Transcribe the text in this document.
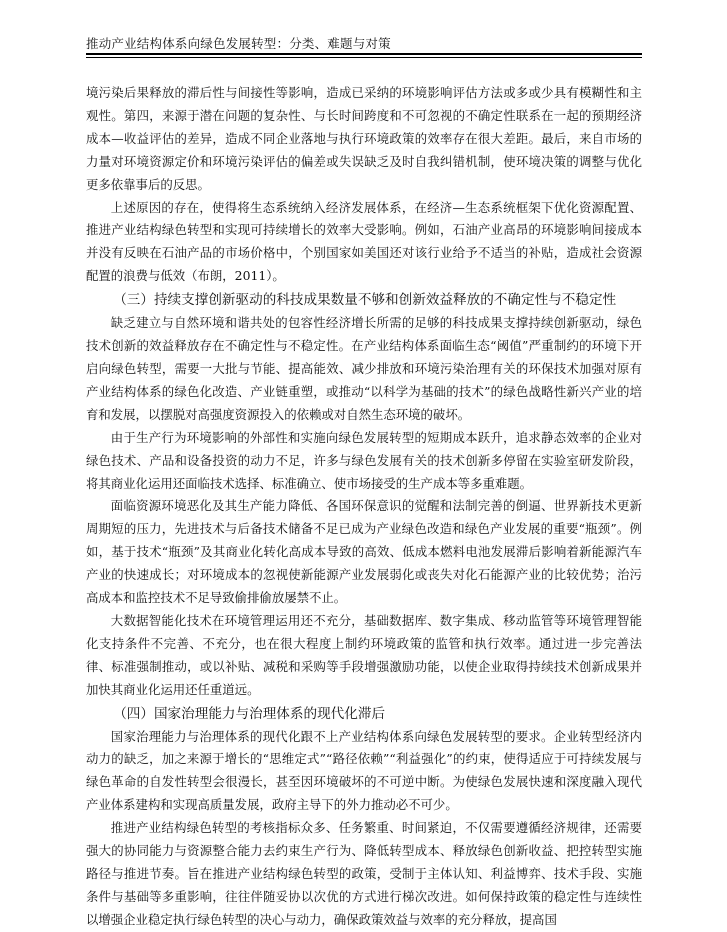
推动产业结构体系向绿色发展转型：分类、难题与对策

境污染后果释放的滞后性与间接性等影响，造成已采纳的环境影响评估方法或多或少具有模糊性和主观性。第四，来源于潜在问题的复杂性、与长时间跨度和不可忽视的不确定性联系在一起的预期经济成本—收益评估的差异，造成不同企业落地与执行环境政策的效率存在很大差距。最后，来自市场的力量对环境资源定价和环境污染评估的偏差或失误缺乏及时自我纠错机制，使环境决策的调整与优化更多依靠事后的反思。

上述原因的存在，使得将生态系统纳入经济发展体系，在经济—生态系统框架下优化资源配置、推进产业结构绿色转型和实现可持续增长的效率大受影响。例如，石油产业高昂的环境影响间接成本并没有反映在石油产品的市场价格中，个别国家如美国还对该行业给予不适当的补贴，造成社会资源配置的浪费与低效（布朗，2011）。

（三）持续支撑创新驱动的科技成果数量不够和创新效益释放的不确定性与不稳定性

缺乏建立与自然环境和谐共处的包容性经济增长所需的足够的科技成果支撑持续创新驱动，绿色技术创新的效益释放存在不确定性与不稳定性。在产业结构体系面临生态“阈值”严重制约的环境下开启向绿色转型，需要一大批与节能、提高能效、减少排放和环境污染治理有关的环保技术加强对原有产业结构体系的绿色化改造、产业链重塑，或推动“以科学为基础的技术”的绿色战略性新兴产业的培育和发展，以摆脱对高强度资源投入的依赖或对自然生态环境的破坏。

由于生产行为环境影响的外部性和实施向绿色发展转型的短期成本跃升，追求静态效率的企业对绿色技术、产品和设备投资的动力不足，许多与绿色发展有关的技术创新多停留在实验室研发阶段，将其商业化运用还面临技术选择、标准确立、使市场接受的生产成本等多重难题。

面临资源环境恶化及其生产能力降低、各国环保意识的觉醒和法制完善的倒逼、世界新技术更新周期短的压力，先进技术与后备技术储备不足已成为产业绿色改造和绿色产业发展的重要“瓶颈”。例如，基于技术“瓶颈”及其商业化转化高成本导致的高效、低成本燃料电池发展滞后影响着新能源汽车产业的快速成长；对环境成本的忽视使新能源产业发展弱化或丧失对化石能源产业的比较优势；治污高成本和监控技术不足导致偷排偷放屡禁不止。

大数据智能化技术在环境管理运用还不充分，基础数据库、数字集成、移动监管等环境管理智能化支持条件不完善、不充分，也在很大程度上制约环境政策的监管和执行效率。通过进一步完善法律、标准强制推动，或以补贴、减税和采购等手段增强激励功能，以使企业取得持续技术创新成果并加快其商业化运用还任重道远。

（四）国家治理能力与治理体系的现代化滞后

国家治理能力与治理体系的现代化跟不上产业结构体系向绿色发展转型的要求。企业转型经济内动力的缺乏，加之来源于增长的“思维定式”“路径依赖”“利益强化”的约束，使得适应于可持续发展与绿色革命的自发性转型会很漫长，甚至因环境破坏的不可逆中断。为使绿色发展快速和深度融入现代产业体系建构和实现高质量发展，政府主导下的外力推动必不可少。

推进产业结构绿色转型的考核指标众多、任务繁重、时间紧迫，不仅需要遵循经济规律，还需要强大的协同能力与资源整合能力去约束生产行为、降低转型成本、释放绿色创新收益、把控转型实施路径与推进节奏。旨在推进产业结构绿色转型的政策，受制于主体认知、利益博弈、技术手段、实施条件与基础等多重影响，往往伴随妥协以次优的方式进行梯次改进。如何保持政策的稳定性与连续性以增强企业稳定执行绿色转型的决心与动力，确保政策效益与效率的充分释放，提高国
